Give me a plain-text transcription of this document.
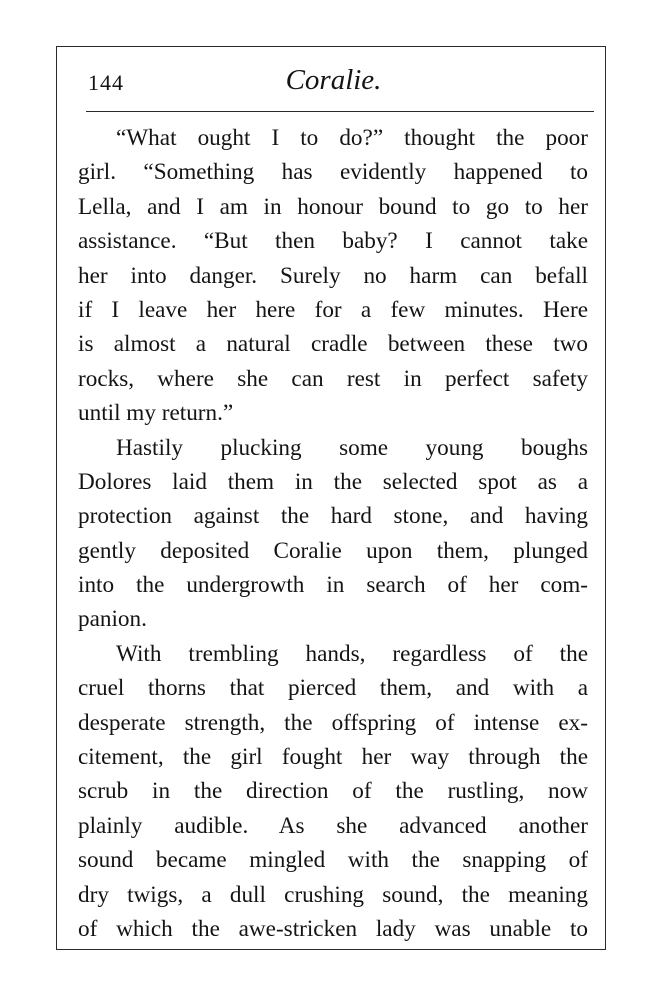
144	Coralie.
“What ought I to do?” thought the poor
girl. “Something has evidently happened to
Lella, and I am in honour bound to go to her
assistance. “But then baby? I cannot take
her into danger. Surely no harm can befall
if I leave her here for a few minutes. Here
is almost a natural cradle between these two
rocks, where she can rest in perfect safety
until my return.”
Hastily plucking some young boughs
Dolores laid them in the selected spot as a
protection against the hard stone, and having
gently deposited Coralie upon them, plunged
into the undergrowth in search of her com-
panion.
With trembling hands, regardless of the
cruel thorns that pierced them, and with a
desperate strength, the offspring of intense ex-
citement, the girl fought her way through the
scrub in the direction of the rustling, now
plainly audible. As she advanced another
sound became mingled with the snapping of
dry twigs, a dull crushing sound, the meaning
of which the awe-stricken lady was unable to
